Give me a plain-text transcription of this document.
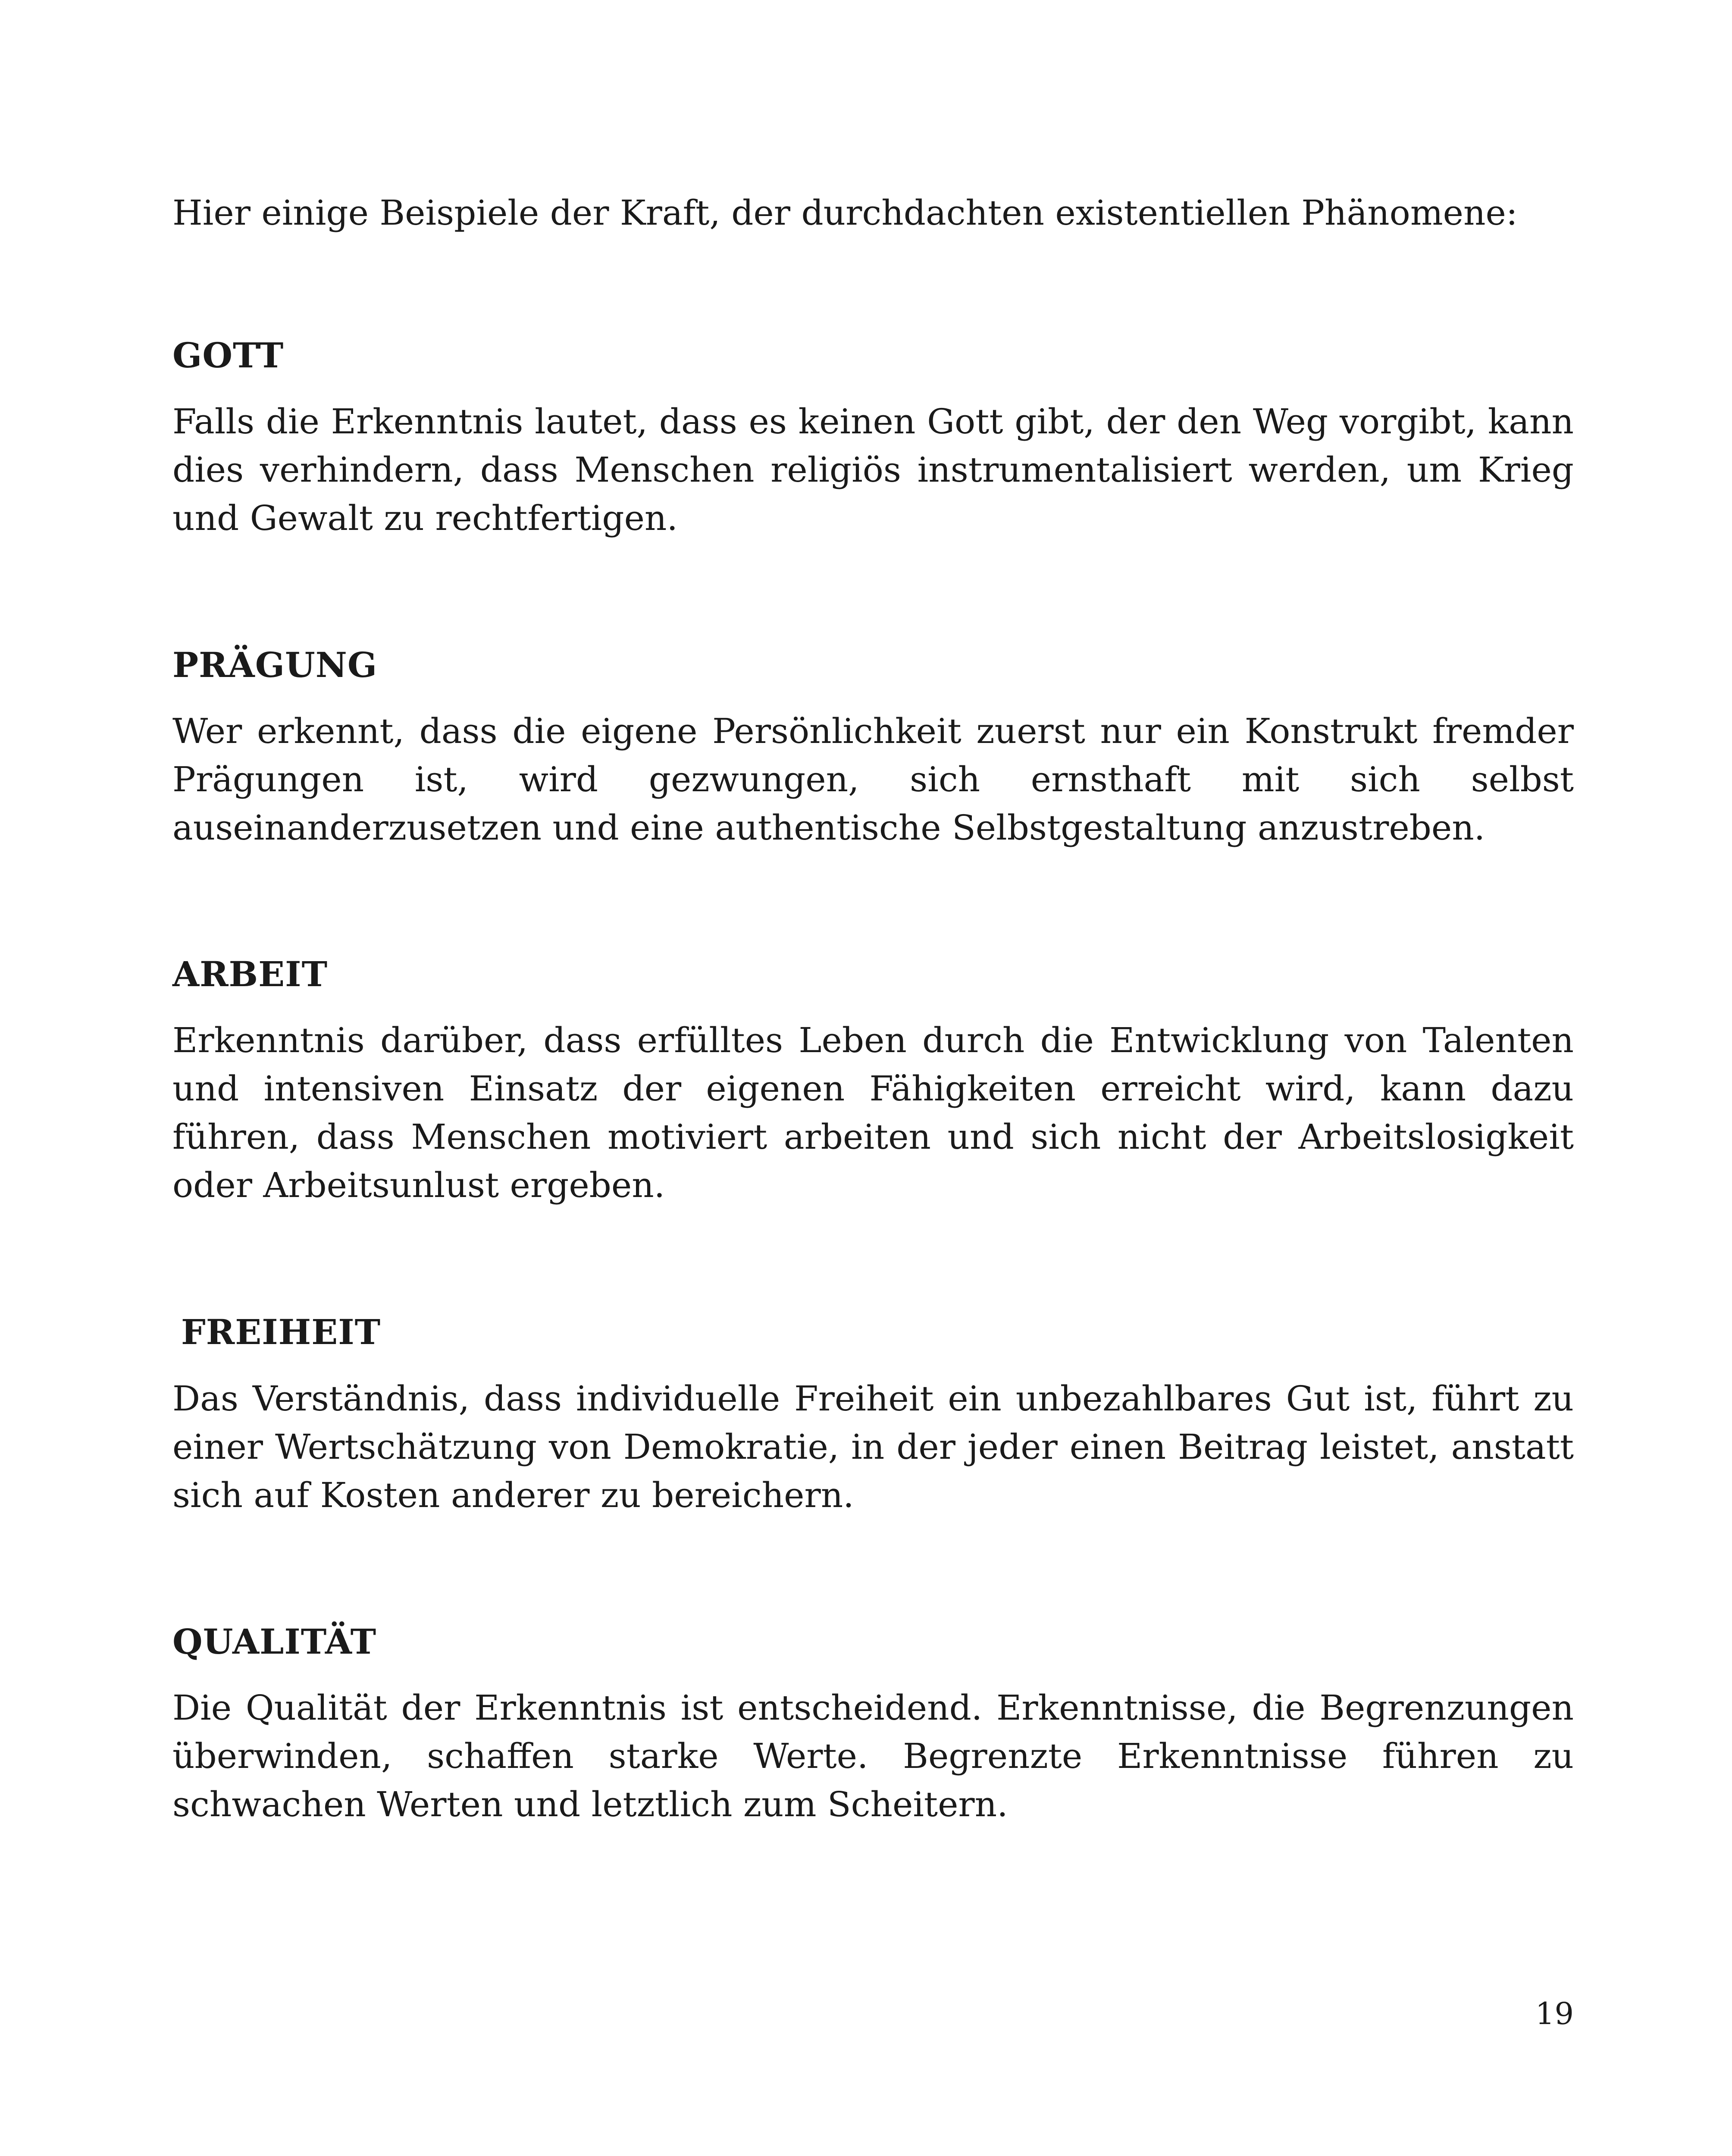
Hier einige Beispiele der Kraft, der durchdachten existentiellen Phänomene:

GOTT

Falls die Erkenntnis lautet, dass es keinen Gott gibt, der den Weg vorgibt, kann dies verhindern, dass Menschen religiös instrumentalisiert werden, um Krieg und Gewalt zu rechtfertigen.

PRÄGUNG

Wer erkennt, dass die eigene Persönlichkeit zuerst nur ein Konstrukt fremder Prägungen ist, wird gezwungen, sich ernsthaft mit sich selbst auseinanderzusetzen und eine authentische Selbstgestaltung anzustreben.

ARBEIT

Erkenntnis darüber, dass erfülltes Leben durch die Entwicklung von Talenten und intensiven Einsatz der eigenen Fähigkeiten erreicht wird, kann dazu führen, dass Menschen motiviert arbeiten und sich nicht der Arbeitslosigkeit oder Arbeitsunlust ergeben.

FREIHEIT

Das Verständnis, dass individuelle Freiheit ein unbezahlbares Gut ist, führt zu einer Wertschätzung von Demokratie, in der jeder einen Beitrag leistet, anstatt sich auf Kosten anderer zu bereichern.

QUALITÄT

Die Qualität der Erkenntnis ist entscheidend. Erkenntnisse, die Begrenzungen überwinden, schaffen starke Werte. Begrenzte Erkenntnisse führen zu schwachen Werten und letztlich zum Scheitern.

19
